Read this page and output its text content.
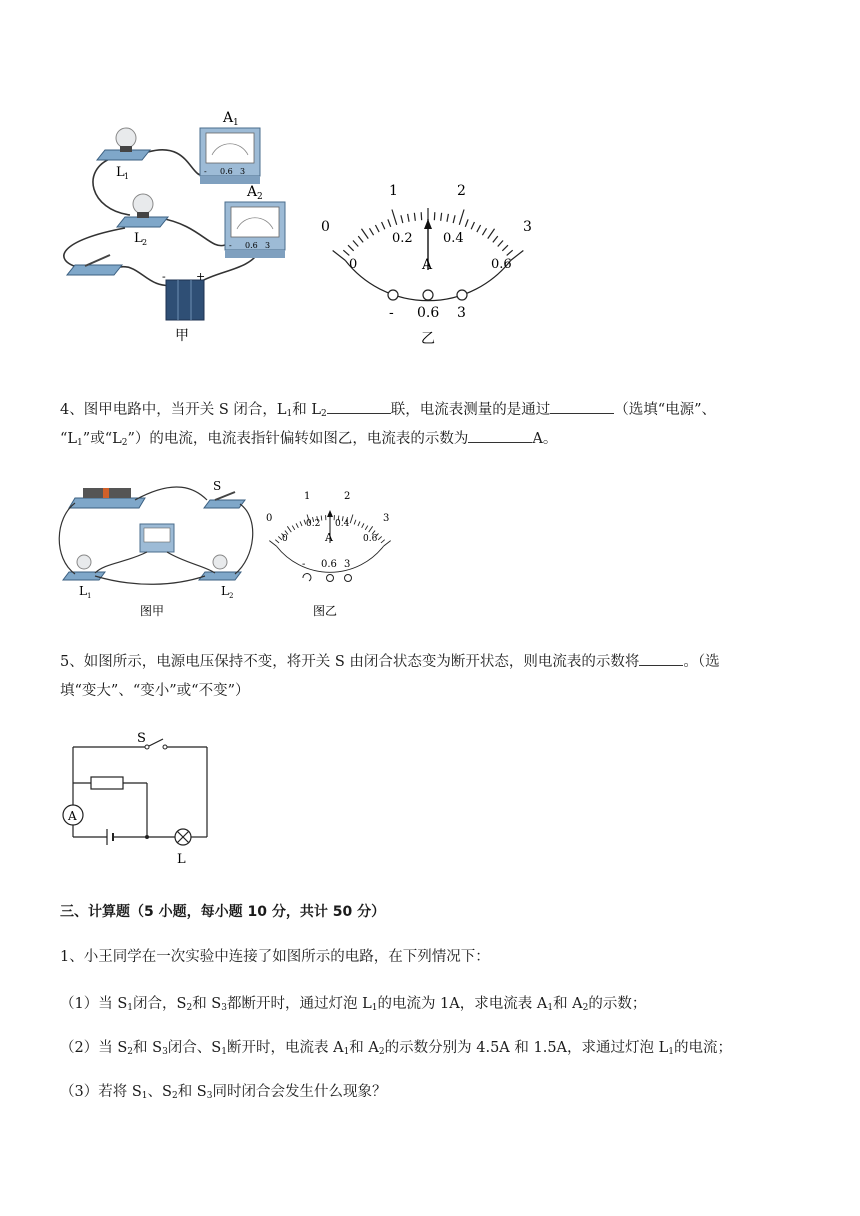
A 1
L 1
A 2
L 2
-	+
- 0.6 3
- 0.6 3
甲
0
1	2
3
0
0.2 0.4
0.6
A
- 0.6 3
乙
4、图甲电路中，当开关 S 闭合，$L_1$和 $L_2$	联，电流表测量的是通过	（选填“电源”、
“$L_1$”或“$L_2$”）的电流，电流表指针偏转如图乙，电流表的示数为	A。
S
L 1	L 2
图甲
0
1	2
3
0
0.2 0.4
0.6
A
- 0.6 3
图乙
5、如图所示，电源电压保持不变，将开关 S 由闭合状态变为断开状态，则电流表的示数将	。（选
填“变大”、“变小”或“不变”）
A
S
L
三、计算题（5 小题，每小题 10 分，共计 50 分）
1、小王同学在一次实验中连接了如图所示的电路，在下列情况下：
（1）当 $S_1$闭合，$S_2$和 $S_3$都断开时，通过灯泡 $L_1$的电流为 1A，求电流表 $A_1$和 $A_2$的示数；
（2）当 $S_2$和 $S_3$闭合、$S_1$断开时，电流表 $A_1$和 $A_2$的示数分别为 4.5A 和 1.5A，求通过灯泡 $L_1$的电流；
（3）若将 $S_1$、$S_2$和 $S_3$同时闭合会发生什么现象？
